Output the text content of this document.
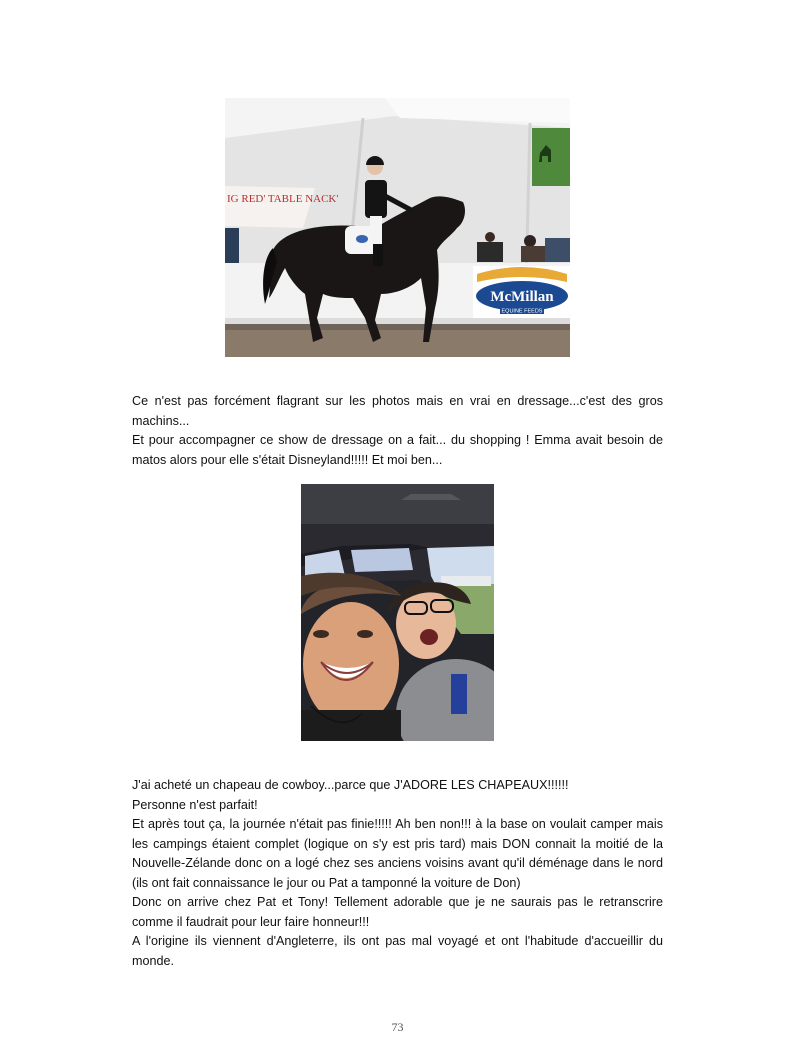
IG RED' TABLE NACK'
McMillan
EQUINE FEEDS

Ce n'est pas forcément flagrant sur les photos mais en vrai en dressage...c'est des gros machins...

Et pour accompagner ce show de dressage on a fait... du shopping ! Emma avait besoin de matos alors pour elle s'était Disneyland!!!!! Et moi ben...

J'ai acheté un chapeau de cowboy...parce que J'ADORE LES CHAPEAUX!!!!!!

Personne n'est parfait!

Et après tout ça, la journée n'était pas finie!!!!! Ah ben non!!! à la base on voulait camper mais les campings étaient complet (logique on s'y est pris tard) mais DON connait la moitié de la Nouvelle-Zélande donc on a logé chez ses anciens voisins avant qu'il déménage dans le nord (ils ont fait connaissance le jour ou Pat a tamponné la voiture de Don)

Donc on arrive chez Pat et Tony! Tellement adorable que je ne saurais pas le retranscrire comme il faudrait pour leur faire honneur!!!

A l'origine ils viennent d'Angleterre, ils ont pas mal voyagé et ont l'habitude d'accueillir du monde.

73
